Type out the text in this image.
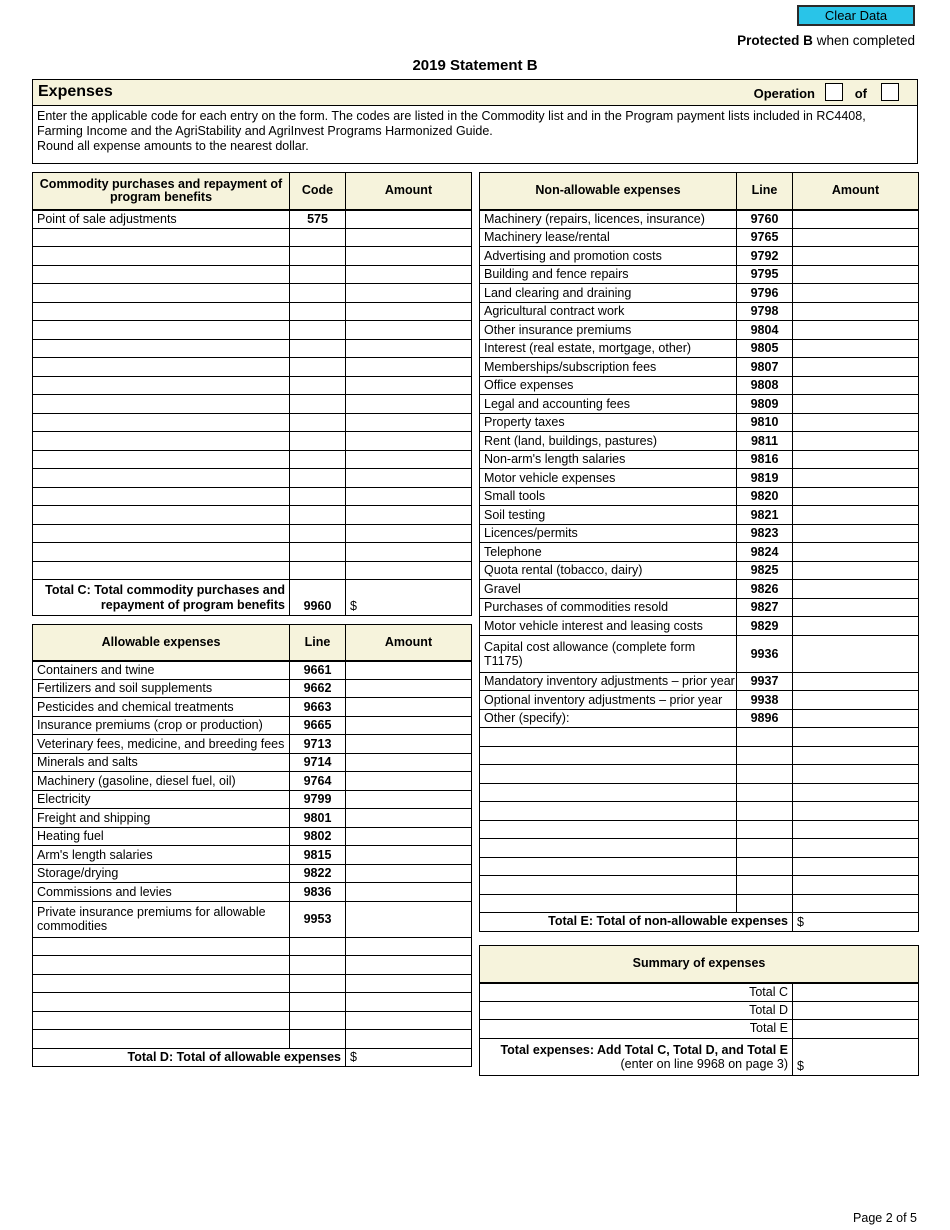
Clear Data
Protected B when completed
2019 Statement B
Expenses	Operation	of
Enter the applicable code for each entry on the form. The codes are listed in the Commodity list and in the Program payment lists included in RC4408,
Farming Income and the AgriStability and AgriInvest Programs Harmonized Guide.
Round all expense amounts to the nearest dollar.
Commodity purchases and repayment of program benefits	Code	Amount
Point of sale adjustments	575	

Total C: Total commodity purchases and repayment of program benefits	9960	$
Allowable expenses	Line	Amount
Containers and twine	9661	
Fertilizers and soil supplements	9662	
Pesticides and chemical treatments	9663	
Insurance premiums (crop or production)	9665	
Veterinary fees, medicine, and breeding fees	9713	
Minerals and salts	9714	
Machinery (gasoline, diesel fuel, oil)	9764	
Electricity	9799	
Freight and shipping	9801	
Heating fuel	9802	
Arm's length salaries	9815	
Storage/drying	9822	
Commissions and levies	9836	
Private insurance premiums for allowable commodities	9953	

Total D: Total of allowable expenses		$
Non-allowable expenses	Line	Amount
Machinery (repairs, licences, insurance)	9760	
Machinery lease/rental	9765	
Advertising and promotion costs	9792	
Building and fence repairs	9795	
Land clearing and draining	9796	
Agricultural contract work	9798	
Other insurance premiums	9804	
Interest (real estate, mortgage, other)	9805	
Memberships/subscription fees	9807	
Office expenses	9808	
Legal and accounting fees	9809	
Property taxes	9810	
Rent (land, buildings, pastures)	9811	
Non-arm's length salaries	9816	
Motor vehicle expenses	9819	
Small tools	9820	
Soil testing	9821	
Licences/permits	9823	
Telephone	9824	
Quota rental (tobacco, dairy)	9825	
Gravel	9826	
Purchases of commodities resold	9827	
Motor vehicle interest and leasing costs	9829	
Capital cost allowance (complete form T1175)	9936	
Mandatory inventory adjustments – prior year	9937	
Optional inventory adjustments – prior year	9938	
Other (specify):	9896	

Total E: Total of non-allowable expenses		$
Summary of expenses	
Total C	
Total D	
Total E	

Total expenses: Add Total C, Total D, and Total E
(enter on line 9968 on page 3)	$
Page 2 of 5
